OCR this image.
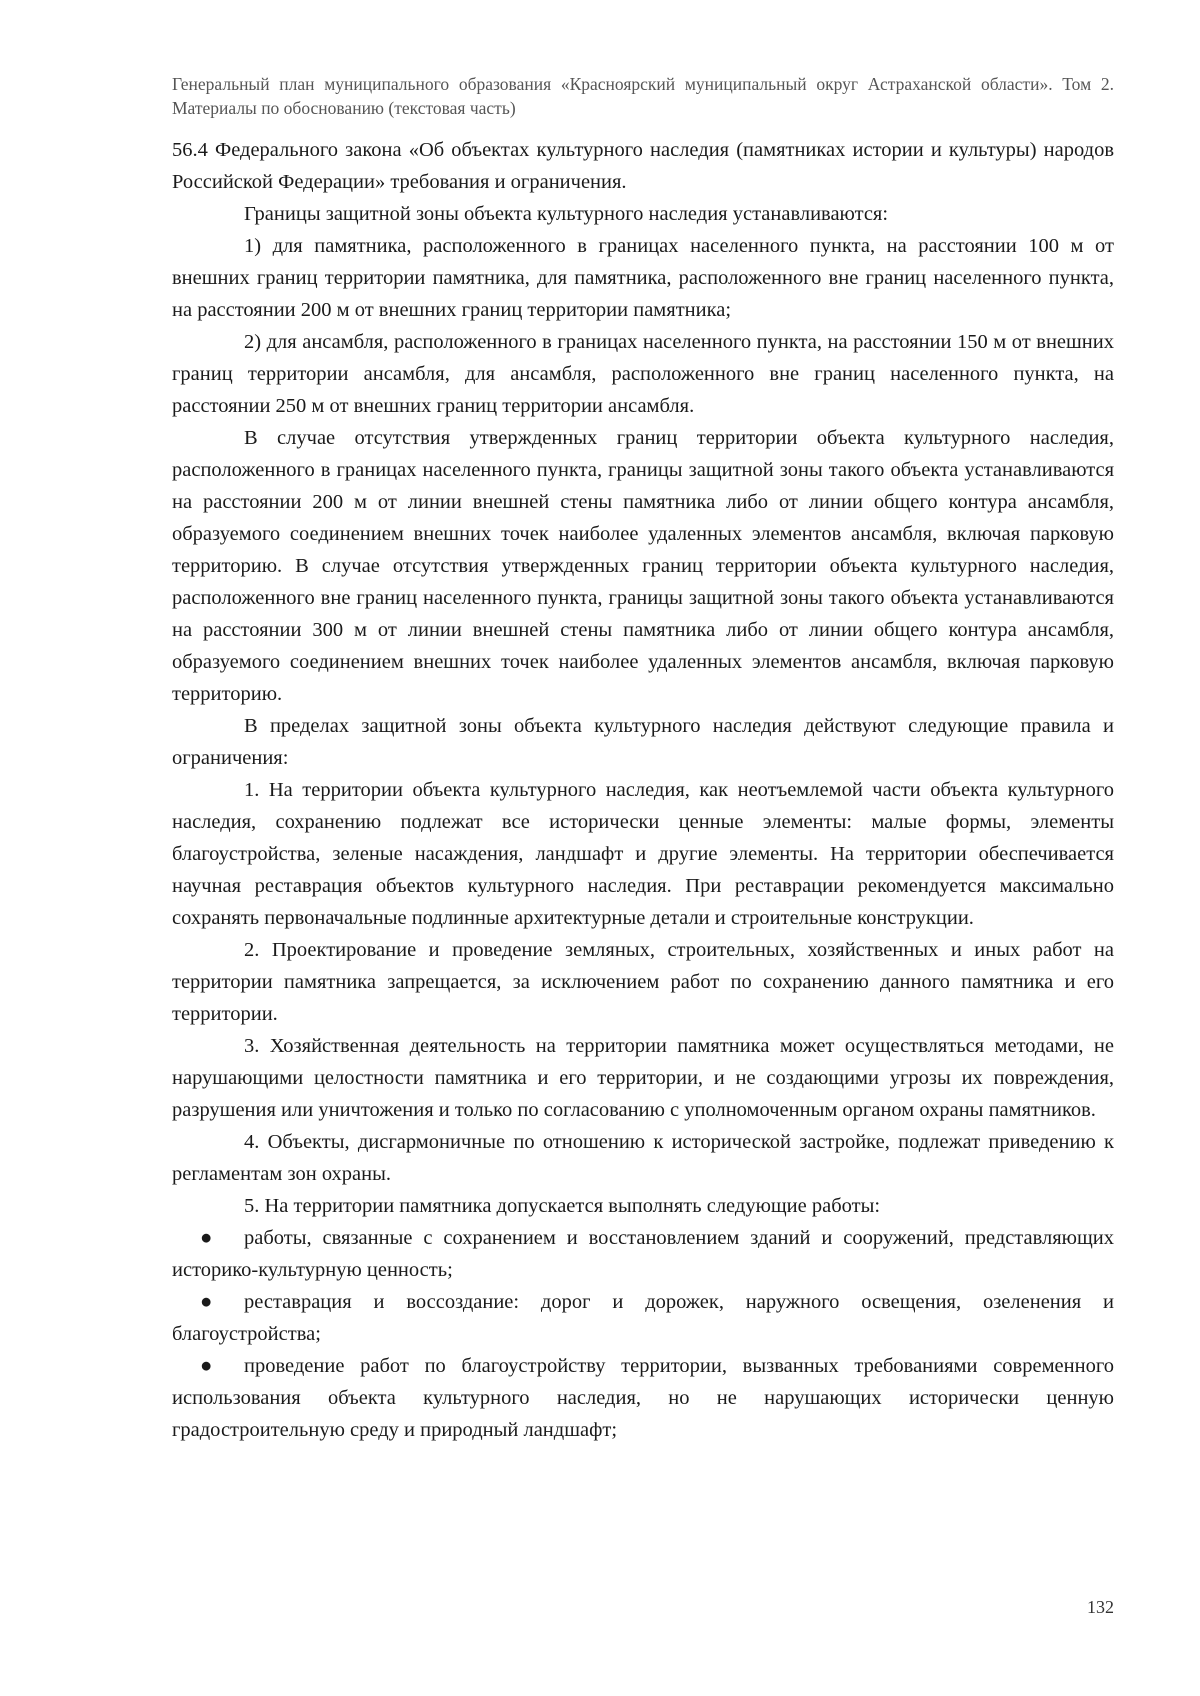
Генеральный план муниципального образования «Красноярский муниципальный округ Астраханской области». Том 2. Материалы по обоснованию (текстовая часть)

56.4 Федерального закона «Об объектах культурного наследия (памятниках истории и культуры) народов Российской Федерации» требования и ограничения.

Границы защитной зоны объекта культурного наследия устанавливаются:

1) для памятника, расположенного в границах населенного пункта, на расстоянии 100 м от внешних границ территории памятника, для памятника, расположенного вне границ населенного пункта, на расстоянии 200 м от внешних границ территории памятника;

2) для ансамбля, расположенного в границах населенного пункта, на расстоянии 150 м от внешних границ территории ансамбля, для ансамбля, расположенного вне границ населенного пункта, на расстоянии 250 м от внешних границ территории ансамбля.

В случае отсутствия утвержденных границ территории объекта культурного наследия, расположенного в границах населенного пункта, границы защитной зоны такого объекта устанавливаются на расстоянии 200 м от линии внешней стены памятника либо от линии общего контура ансамбля, образуемого соединением внешних точек наиболее удаленных элементов ансамбля, включая парковую территорию. В случае отсутствия утвержденных границ территории объекта культурного наследия, расположенного вне границ населенного пункта, границы защитной зоны такого объекта устанавливаются на расстоянии 300 м от линии внешней стены памятника либо от линии общего контура ансамбля, образуемого соединением внешних точек наиболее удаленных элементов ансамбля, включая парковую территорию.

В пределах защитной зоны объекта культурного наследия действуют следующие правила и ограничения:

1. На территории объекта культурного наследия, как неотъемлемой части объекта культурного наследия, сохранению подлежат все исторически ценные элементы: малые формы, элементы благоустройства, зеленые насаждения, ландшафт и другие элементы. На территории обеспечивается научная реставрация объектов культурного наследия. При реставрации рекомендуется максимально сохранять первоначальные подлинные архитектурные детали и строительные конструкции.

2. Проектирование и проведение земляных, строительных, хозяйственных и иных работ на территории памятника запрещается, за исключением работ по сохранению данного памятника и его территории.

3. Хозяйственная деятельность на территории памятника может осуществляться методами, не нарушающими целостности памятника и его территории, и не создающими угрозы их повреждения, разрушения или уничтожения и только по согласованию с уполномоченным органом охраны памятников.

4. Объекты, дисгармоничные по отношению к исторической застройке, подлежат приведению к регламентам зон охраны.

5. На территории памятника допускается выполнять следующие работы:

● работы, связанные с сохранением и восстановлением зданий и сооружений, представляющих историко-культурную ценность;

● реставрация и воссоздание: дорог и дорожек, наружного освещения, озеленения и благоустройства;

● проведение работ по благоустройству территории, вызванных требованиями современного использования объекта культурного наследия, но не нарушающих исторически ценную градостроительную среду и природный ландшафт;

132
